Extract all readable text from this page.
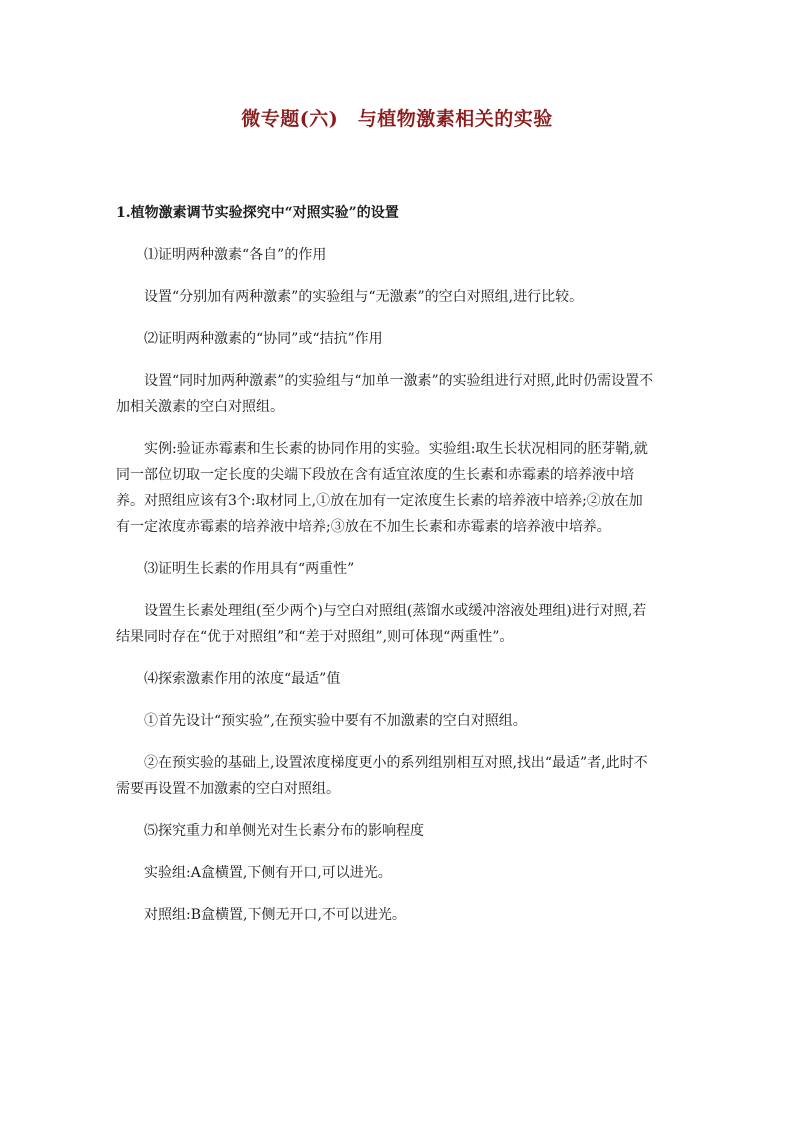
微专题(六)　与植物激素相关的实验

1.植物激素调节实验探究中“对照实验”的设置

⑴证明两种激素“各自”的作用

设置“分别加有两种激素”的实验组与“无激素”的空白对照组,进行比较。

⑵证明两种激素的“协同”或“拮抗”作用

设置“同时加两种激素”的实验组与“加单一激素”的实验组进行对照,此时仍需设置不加相关激素的空白对照组。

实例:验证赤霉素和生长素的协同作用的实验。实验组:取生长状况相同的胚芽鞘,就同一部位切取一定长度的尖端下段放在含有适宜浓度的生长素和赤霉素的培养液中培养。对照组应该有3个:取材同上,①放在加有一定浓度生长素的培养液中培养;②放在加有一定浓度赤霉素的培养液中培养;③放在不加生长素和赤霉素的培养液中培养。

⑶证明生长素的作用具有“两重性”

设置生长素处理组(至少两个)与空白对照组(蒸馏水或缓冲溶液处理组)进行对照,若结果同时存在“优于对照组”和“差于对照组”,则可体现“两重性”。

⑷探索激素作用的浓度“最适”值

①首先设计“预实验”,在预实验中要有不加激素的空白对照组。

②在预实验的基础上,设置浓度梯度更小的系列组别相互对照,找出“最适”者,此时不需要再设置不加激素的空白对照组。

⑸探究重力和单侧光对生长素分布的影响程度

实验组:A盒横置,下侧有开口,可以进光。

对照组:B盒横置,下侧无开口,不可以进光。
